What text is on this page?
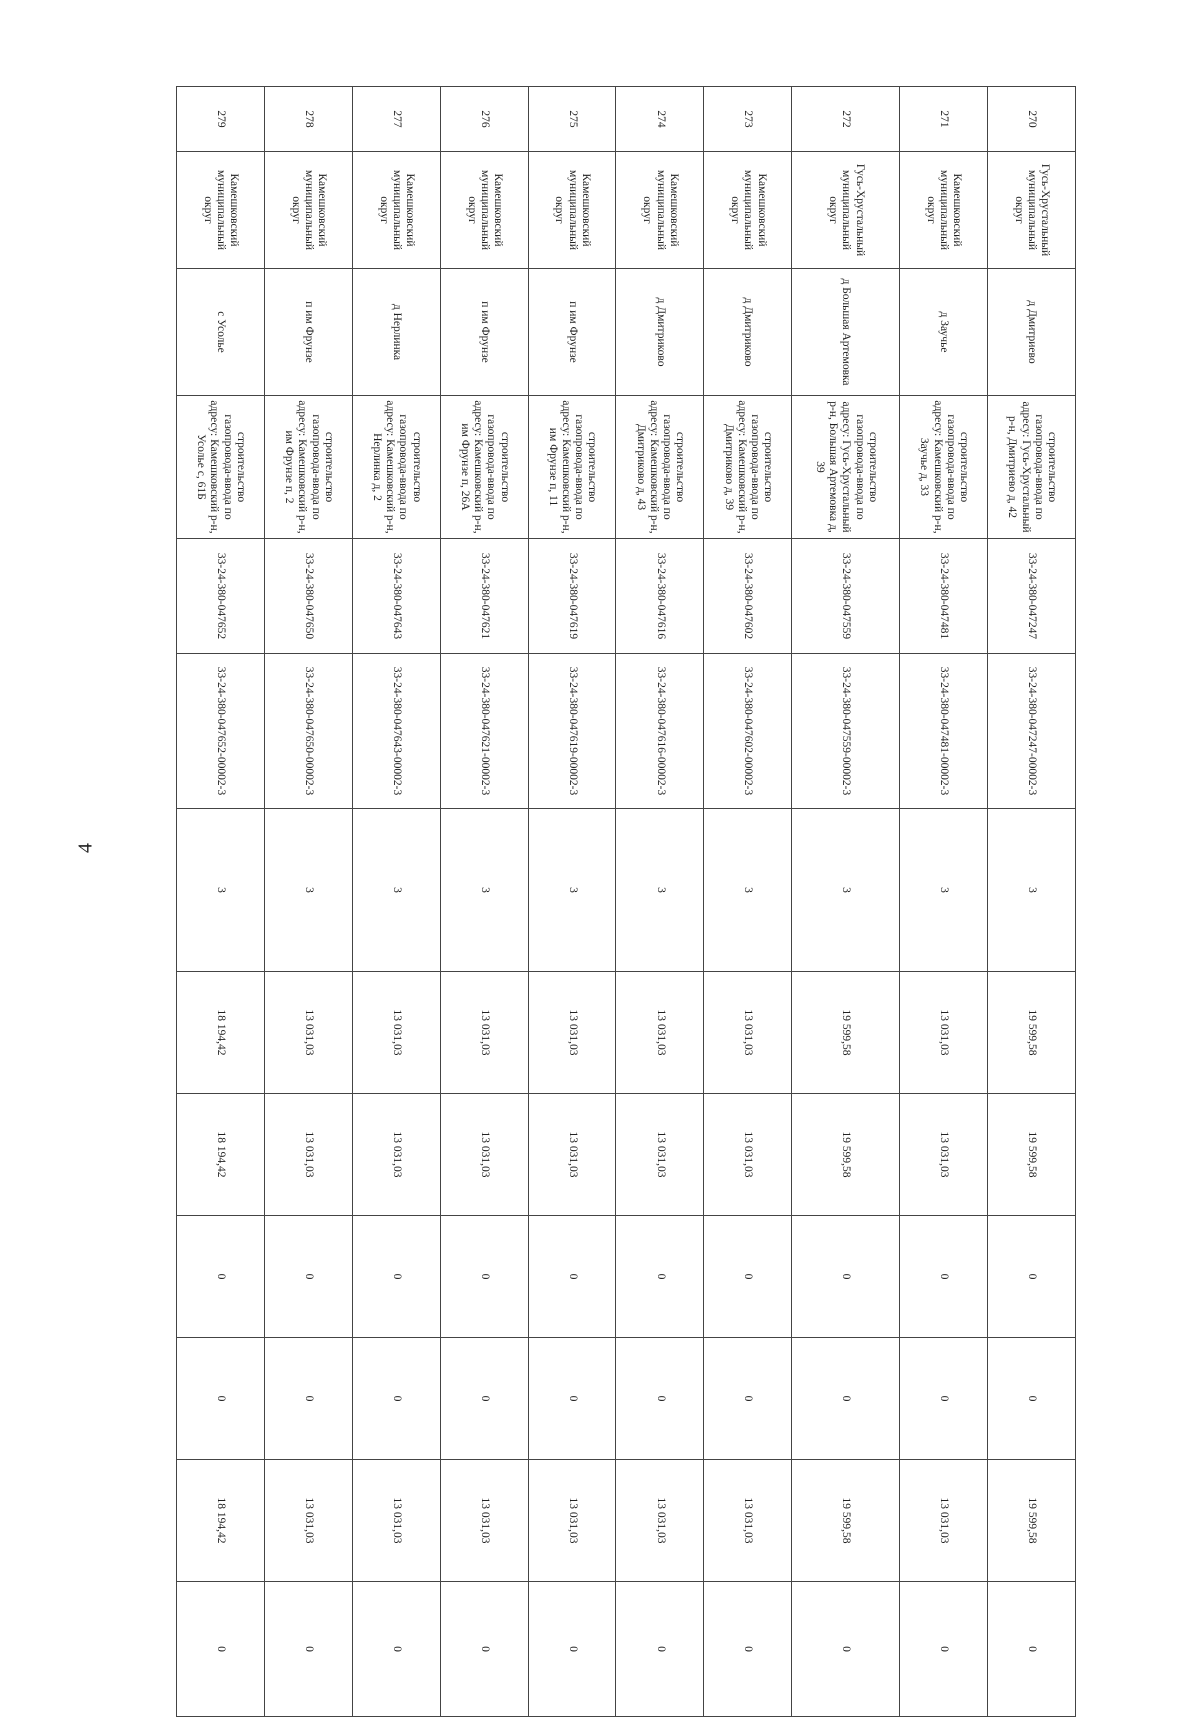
4
270	Гусь-Хрустальный муниципальный округ	д Дмитриево	строительство газопровода-ввода по адресу: Гусь-Хрустальный р-н, Дмитриево д, 42	33-24-380-047247	33-24-380-047247-00002-3	3	19 599,58	19 599,58	0	0	19 599,58	0
271	Камешковский муниципальный округ	д Заучье	строительство газопровода-ввода по адресу: Камешковский р-н, Заучье д, 33	33-24-380-047481	33-24-380-047481-00002-3	3	13 031,03	13 031,03	0	0	13 031,03	0
272	Гусь-Хрустальный муниципальный округ	д Большая Артемовка	строительство газопровода-ввода по адресу: Гусь-Хрустальный р-н, Большая Артемовка д, 39	33-24-380-047559	33-24-380-047559-00002-3	3	19 599,58	19 599,58	0	0	19 599,58	0
273	Камешковский муниципальный округ	д Дмитриково	строительство газопровода-ввода по адресу: Камешковский р-н, Дмитриково д, 39	33-24-380-047602	33-24-380-047602-00002-3	3	13 031,03	13 031,03	0	0	13 031,03	0
274	Камешковский муниципальный округ	д Дмитриково	строительство газопровода-ввода по адресу: Камешковский р-н, Дмитриково д, 43	33-24-380-047616	33-24-380-047616-00002-3	3	13 031,03	13 031,03	0	0	13 031,03	0
275	Камешковский муниципальный округ	п им Фрунзе	строительство газопровода-ввода по адресу: Камешковский р-н, им Фрунзе п, 11	33-24-380-047619	33-24-380-047619-00002-3	3	13 031,03	13 031,03	0	0	13 031,03	0
276	Камешковский муниципальный округ	п им Фрунзе	строительство газопровода-ввода по адресу: Камешковский р-н, им Фрунзе п, 26А	33-24-380-047621	33-24-380-047621-00002-3	3	13 031,03	13 031,03	0	0	13 031,03	0
277	Камешковский муниципальный округ	д Нерлинка	строительство газопровода-ввода по адресу: Камешковский р-н, Нерлинка д, 2	33-24-380-047643	33-24-380-047643-00002-3	3	13 031,03	13 031,03	0	0	13 031,03	0
278	Камешковский муниципальный округ	п им Фрунзе	строительство газопровода-ввода по адресу: Камешковский р-н, им Фрунзе п, 2	33-24-380-047650	33-24-380-047650-00002-3	3	13 031,03	13 031,03	0	0	13 031,03	0
279	Камешковский муниципальный округ	с Усолье	строительство газопровода-ввода по адресу: Камешковский р-н, Усолье с, 61Б	33-24-380-047652	33-24-380-047652-00002-3	3	18 194,42	18 194,42	0	0	18 194,42	0
